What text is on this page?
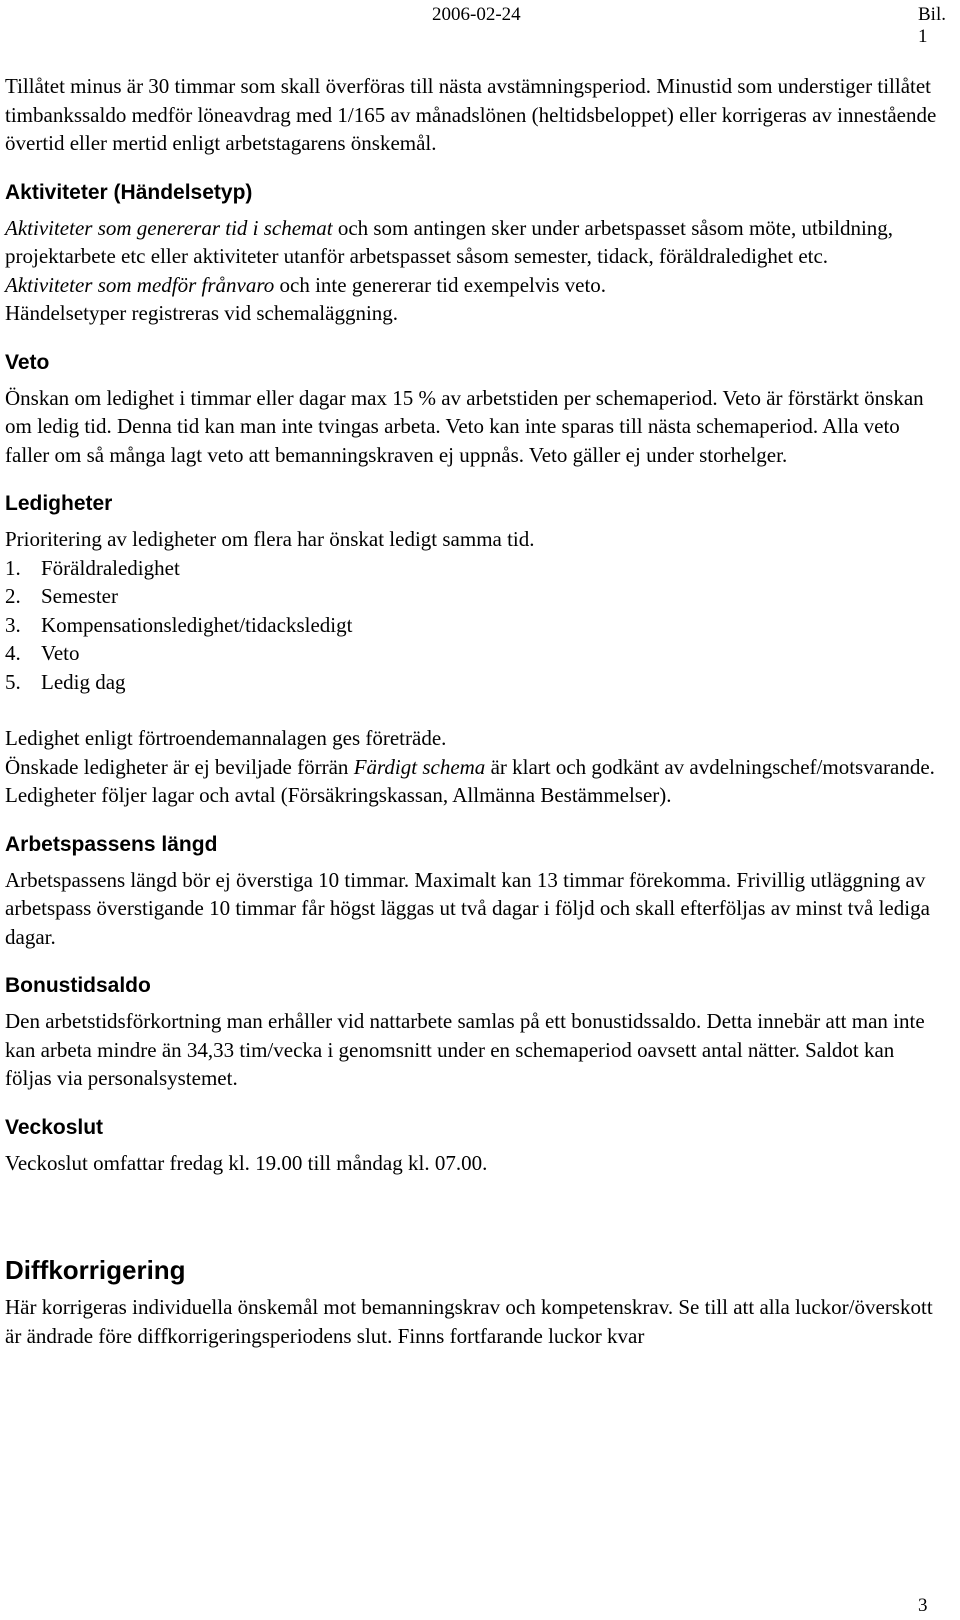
2006-02-24	Bil. 1

Tillåtet minus är 30 timmar som skall överföras till nästa avstämningsperiod. Minustid som understiger tillåtet timbankssaldo medför löneavdrag med 1/165 av månadslönen (heltidsbeloppet) eller korrigeras av innestående övertid eller mertid enligt arbetstagarens önskemål.

Aktiviteter (Händelsetyp)

Aktiviteter som genererar tid i schemat och som antingen sker under arbetspasset såsom möte, utbildning, projektarbete etc eller aktiviteter utanför arbetspasset såsom semester, tidack, föräldraledighet etc.

Aktiviteter som medför frånvaro och inte genererar tid exempelvis veto.

Händelsetyper registreras vid schemaläggning.

Veto

Önskan om ledighet i timmar eller dagar max 15 % av arbetstiden per schemaperiod. Veto är förstärkt önskan om ledig tid. Denna tid kan man inte tvingas arbeta. Veto kan inte sparas till nästa schemaperiod. Alla veto faller om så många lagt veto att bemanningskraven ej uppnås. Veto gäller ej under storhelger.

Ledigheter

Prioritering av ledigheter om flera har önskat ledigt samma tid.

1. Föräldraledighet
2. Semester
3. Kompensationsledighet/tidacksledigt
4. Veto
5. Ledig dag

Ledighet enligt förtroendemannalagen ges företräde.

Önskade ledigheter är ej beviljade förrän Färdigt schema är klart och godkänt av avdelningschef/motsvarande. Ledigheter följer lagar och avtal (Försäkringskassan, Allmänna Bestämmelser).

Arbetspassens längd

Arbetspassens längd bör ej överstiga 10 timmar. Maximalt kan 13 timmar förekomma. Frivillig utläggning av arbetspass överstigande 10 timmar får högst läggas ut två dagar i följd och skall efterföljas av minst två lediga dagar.

Bonustidsaldo

Den arbetstidsförkortning man erhåller vid nattarbete samlas på ett bonustidssaldo. Detta innebär att man inte kan arbeta mindre än 34,33 tim/vecka i genomsnitt under en schemaperiod oavsett antal nätter. Saldot kan följas via personalsystemet.

Veckoslut

Veckoslut omfattar fredag kl. 19.00 till måndag kl. 07.00.

Diffkorrigering

Här korrigeras individuella önskemål mot bemanningskrav och kompetenskrav. Se till att alla luckor/överskott är ändrade före diffkorrigeringsperiodens slut. Finns fortfarande luckor kvar

3
